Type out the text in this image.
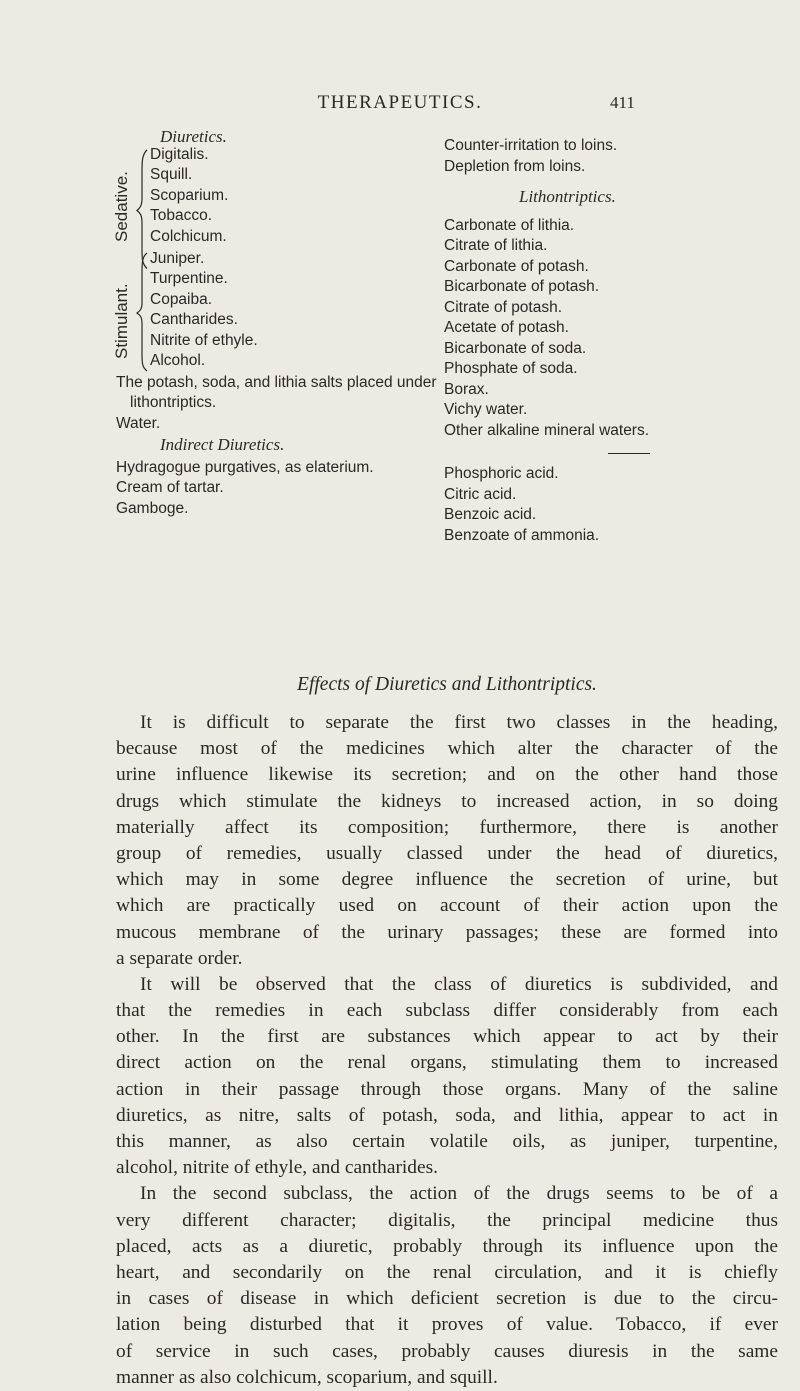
THERAPEUTICS.	411
Diuretics.
Sedative.
Digitalis.
Squill.
Scoparium.
Tobacco.
Colchicum.
Stimulant.
Juniper.
Turpentine.
Copaiba.
Cantharides.
Nitrite of ethyle.
Alcohol.
The potash, soda, and lithia salts placed under lithontriptics.
Water.
Indirect Diuretics.
Hydragogue purgatives, as elaterium.
Cream of tartar.
Gamboge.
Counter-irritation to loins.
Depletion from loins.
Lithontriptics.
Carbonate of lithia.
Citrate of lithia.
Carbonate of potash.
Bicarbonate of potash.
Citrate of potash.
Acetate of potash.
Bicarbonate of soda.
Phosphate of soda.
Borax.
Vichy water.
Other alkaline mineral waters.
Phosphoric acid.
Citric acid.
Benzoic acid.
Benzoate of ammonia.
Effects of Diuretics and Lithontriptics.
It is difficult to separate the first two classes in the heading,
because most of the medicines which alter the character of the
urine influence likewise its secretion; and on the other hand those
drugs which stimulate the kidneys to increased action, in so doing
materially affect its composition; furthermore, there is another
group of remedies, usually classed under the head of diuretics,
which may in some degree influence the secretion of urine, but
which are practically used on account of their action upon the
mucous membrane of the urinary passages; these are formed into
a separate order.
It will be observed that the class of diuretics is subdivided, and
that the remedies in each subclass differ considerably from each
other. In the first are substances which appear to act by their
direct action on the renal organs, stimulating them to increased
action in their passage through those organs. Many of the saline
diuretics, as nitre, salts of potash, soda, and lithia, appear to act in
this manner, as also certain volatile oils, as juniper, turpentine,
alcohol, nitrite of ethyle, and cantharides.
In the second subclass, the action of the drugs seems to be of a
very different character; digitalis, the principal medicine thus
placed, acts as a diuretic, probably through its influence upon the
heart, and secondarily on the renal circulation, and it is chiefly
in cases of disease in which deficient secretion is due to the circu-
lation being disturbed that it proves of value. Tobacco, if ever
of service in such cases, probably causes diuresis in the same
manner as also colchicum, scoparium, and squill.
